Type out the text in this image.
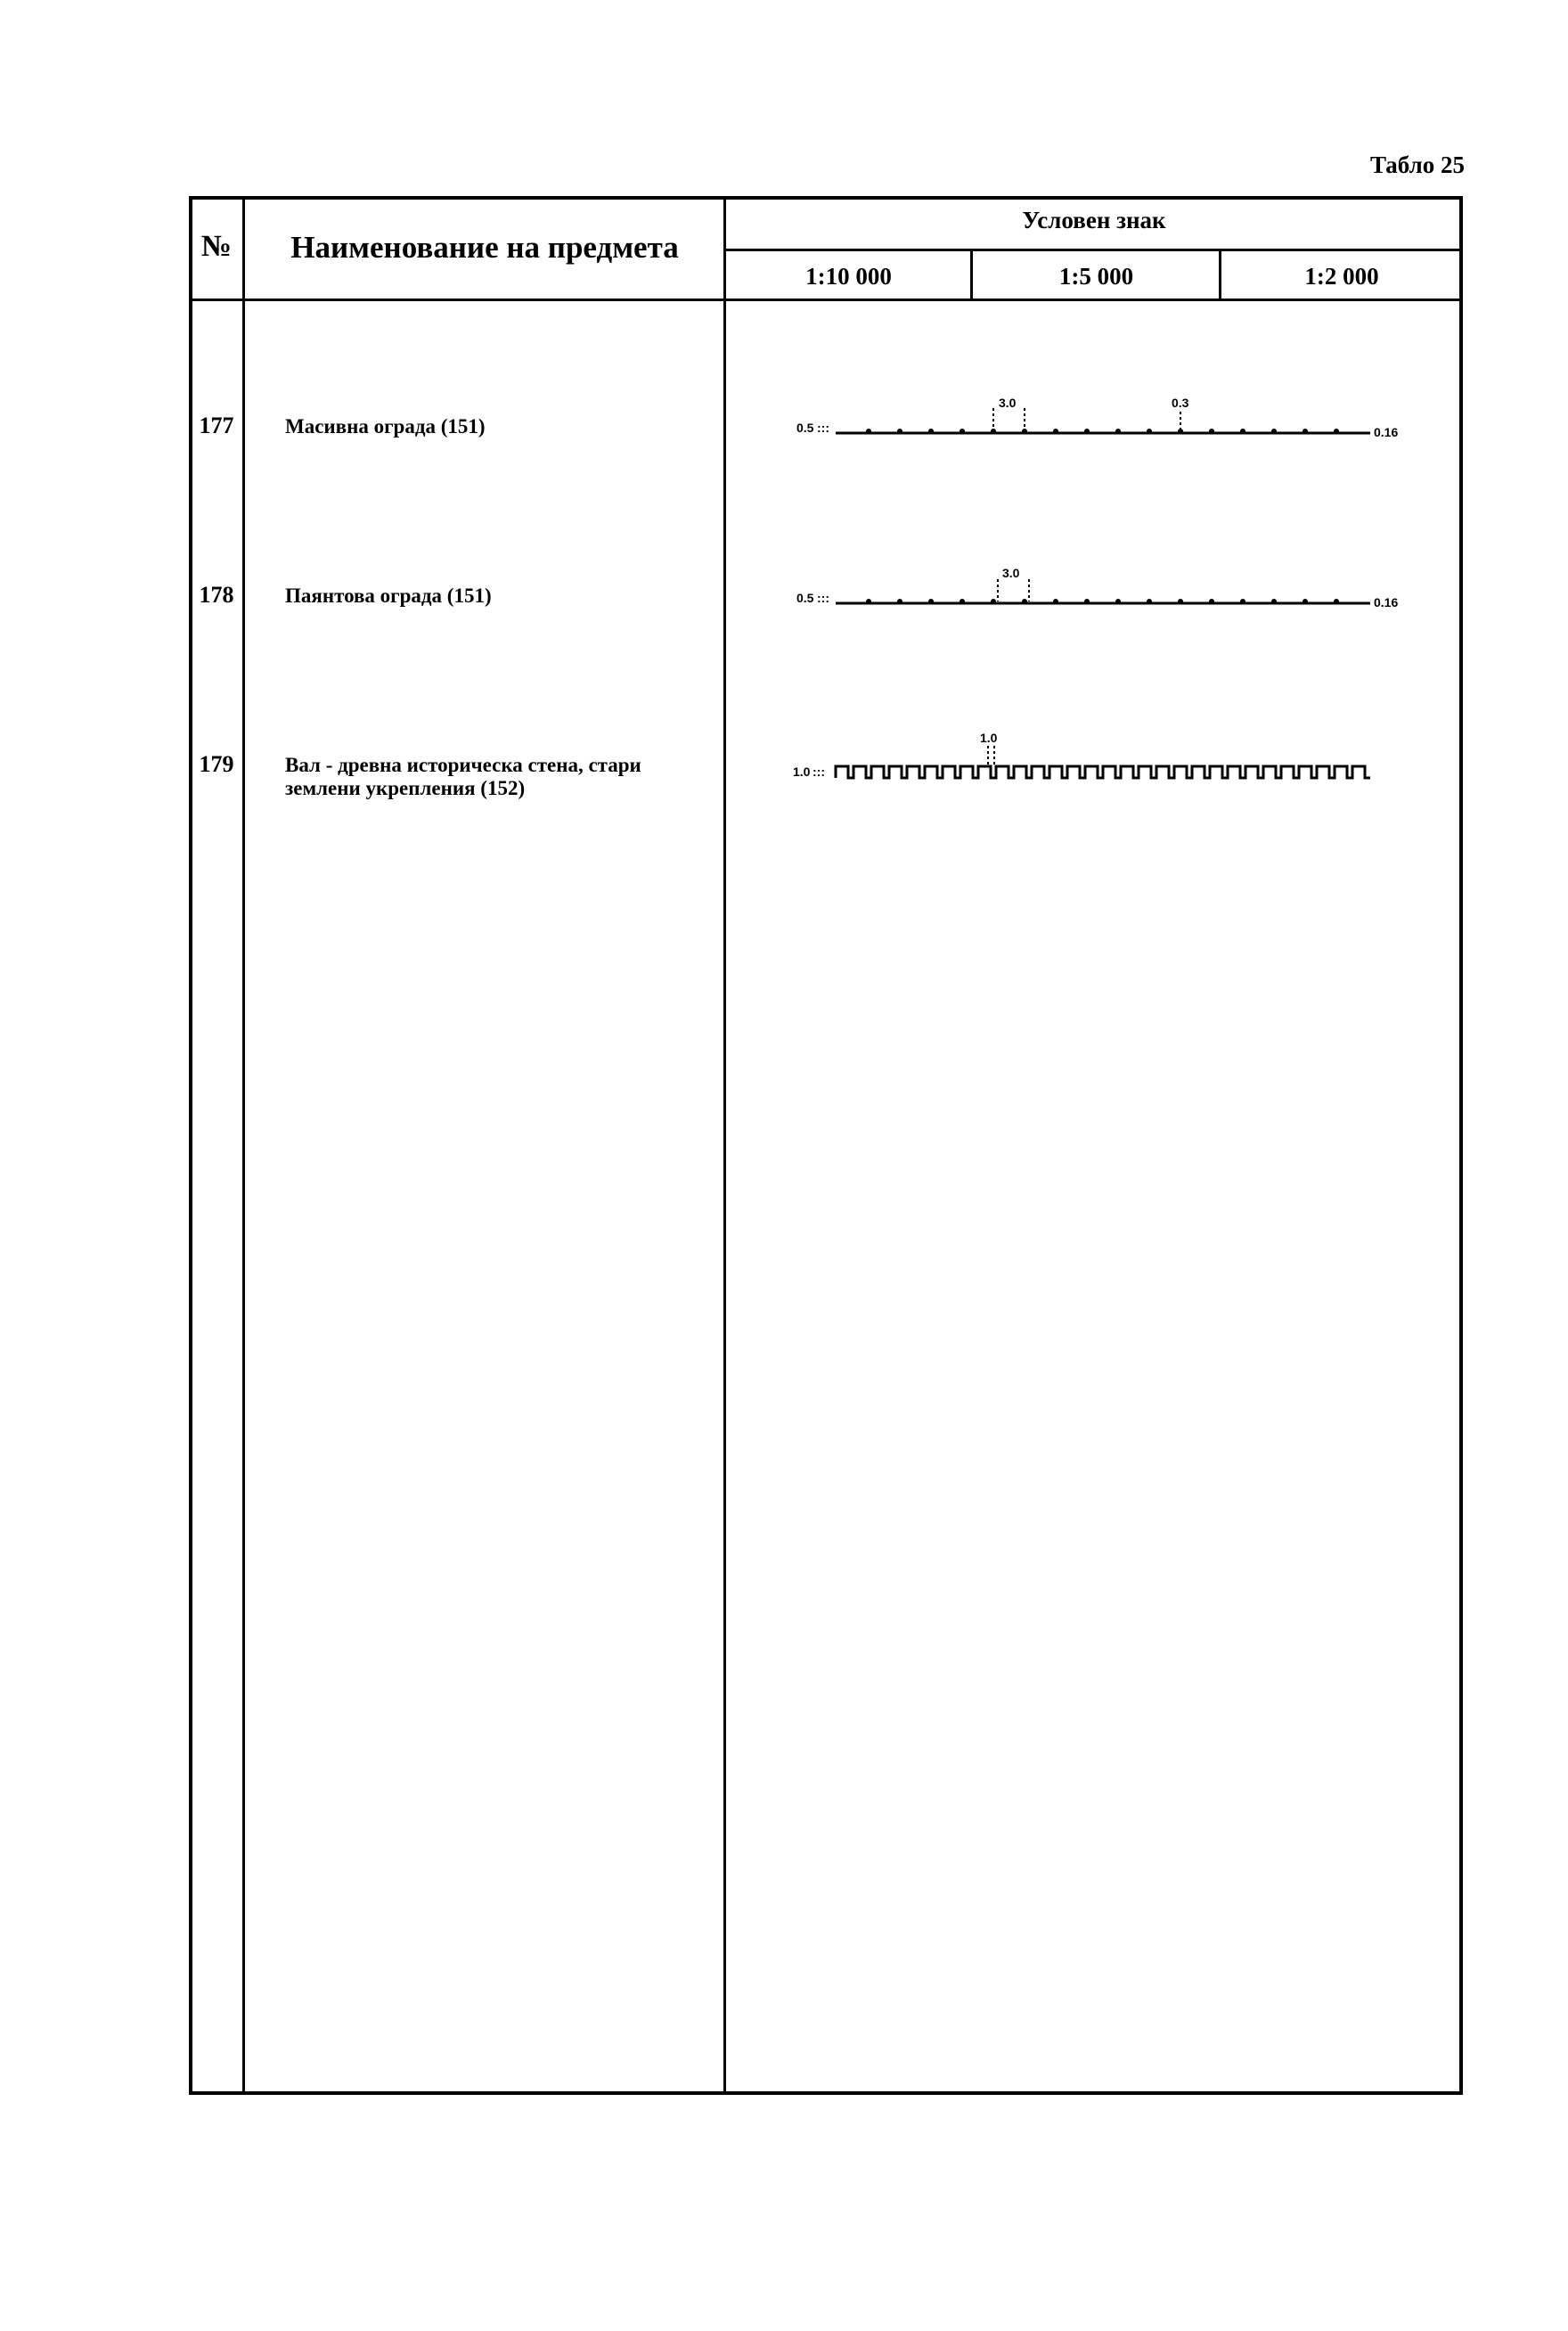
Табло 25
№	Наименование на предмета
Условен знак
1:10 000	1:5 000	1:2 000
177	Масивна ограда (151)	0.5 :::
3.0	0.3
0.16
178	Паянтова ограда (151)	0.5 :::
3.0
0.16
179	Вал - древна историческа стена, стари землени укрепления (152)
1.0 :::
1.0
